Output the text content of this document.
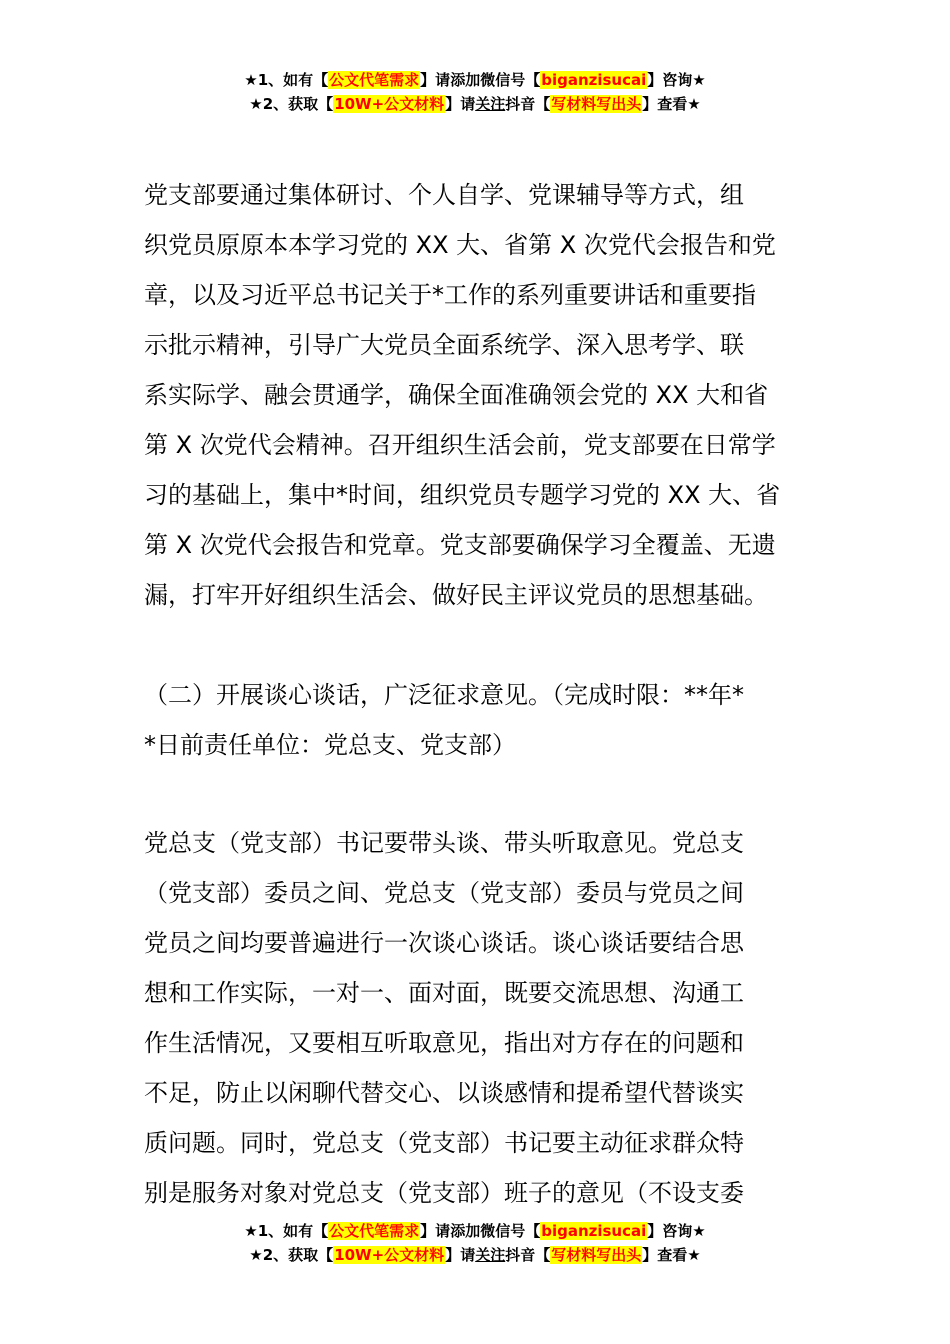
★1、如有【公文代笔需求】请添加微信号【biganzisucai】咨询★
★2、获取【10W+公文材料】请关注抖音【写材料写出头】查看★
党支部要通过集体研讨、个人自学、党课辅导等方式，组
织党员原原本本学习党的 XX 大、省第 X 次党代会报告和党
章，以及习近平总书记关于*工作的系列重要讲话和重要指
示批示精神，引导广大党员全面系统学、深入思考学、联
系实际学、融会贯通学，确保全面准确领会党的 XX 大和省
第 X 次党代会精神。召开组织生活会前，党支部要在日常学
习的基础上，集中*时间，组织党员专题学习党的 XX 大、省
第 X 次党代会报告和党章。党支部要确保学习全覆盖、无遗
漏，打牢开好组织生活会、做好民主评议党员的思想基础。
（二）开展谈心谈话，广泛征求意见。（完成时限：**年*
*日前责任单位：党总支、党支部）
党总支（党支部）书记要带头谈、带头听取意见。党总支
（党支部）委员之间、党总支（党支部）委员与党员之间
党员之间均要普遍进行一次谈心谈话。谈心谈话要结合思
想和工作实际，一对一、面对面，既要交流思想、沟通工
作生活情况，又要相互听取意见，指出对方存在的问题和
不足，防止以闲聊代替交心、以谈感情和提希望代替谈实
质问题。同时，党总支（党支部）书记要主动征求群众特
别是服务对象对党总支（党支部）班子的意见（不设支委
★1、如有【公文代笔需求】请添加微信号【biganzisucai】咨询★
★2、获取【10W+公文材料】请关注抖音【写材料写出头】查看★
